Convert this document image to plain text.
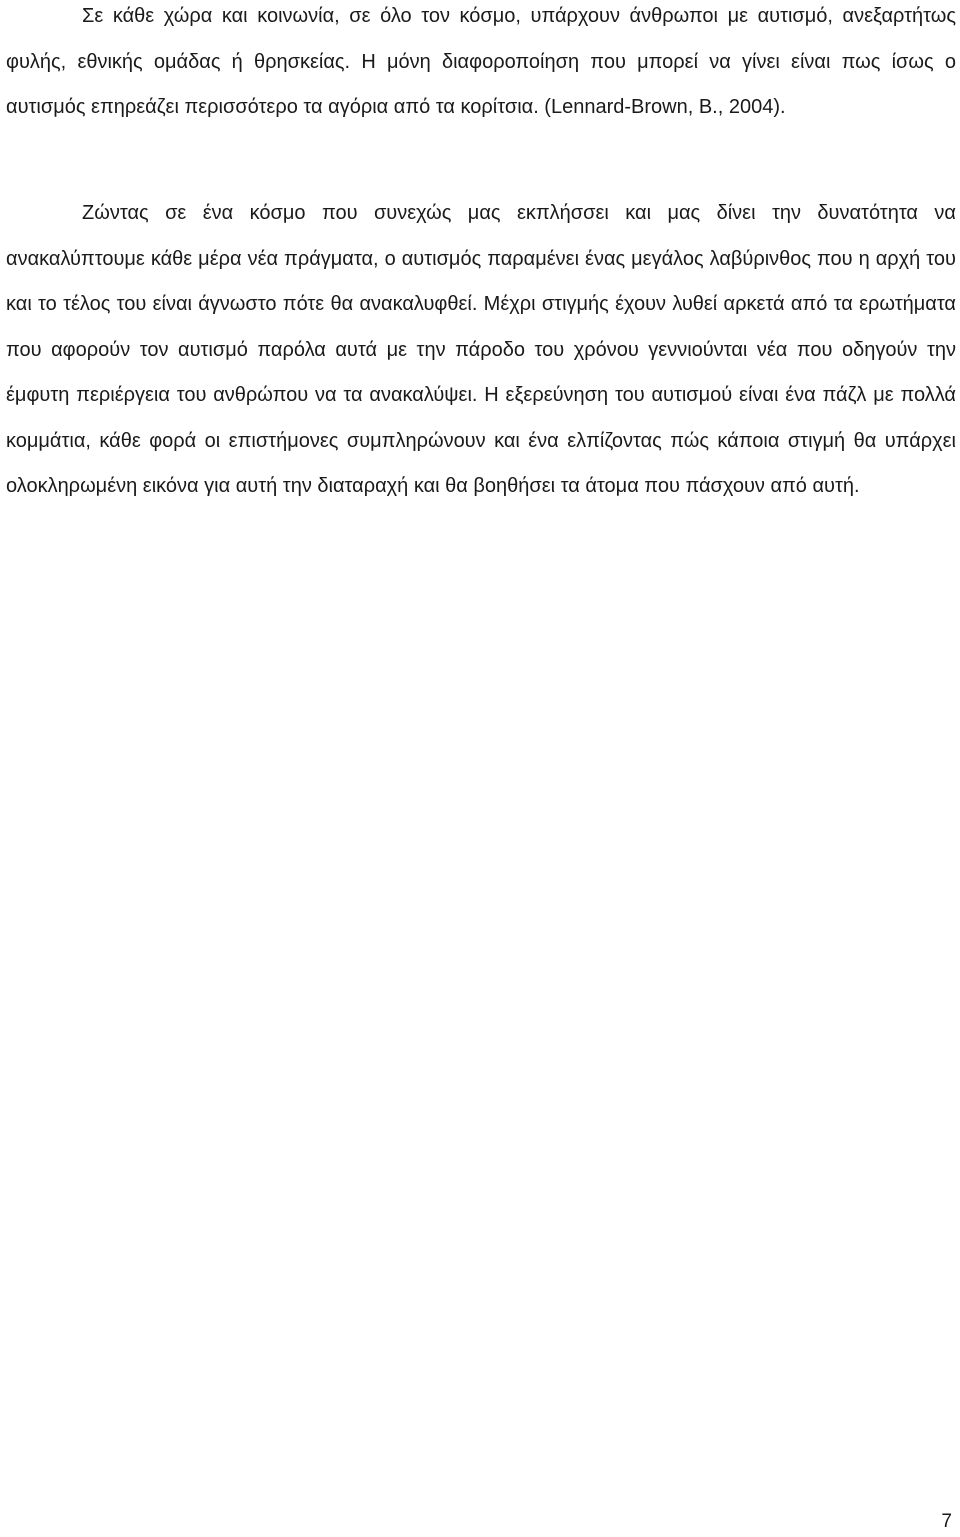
Σε κάθε χώρα και κοινωνία, σε όλο τον κόσμο, υπάρχουν άνθρωποι με αυτισμό, ανεξαρτήτως φυλής, εθνικής ομάδας ή θρησκείας. Η μόνη διαφοροποίηση που μπορεί να γίνει είναι πως ίσως ο αυτισμός επηρεάζει περισσότερο τα αγόρια από τα κορίτσια. (Lennard-Brown, B., 2004).

Ζώντας σε ένα κόσμο που συνεχώς μας εκπλήσσει και μας δίνει την δυνατότητα να ανακαλύπτουμε κάθε μέρα νέα πράγματα, ο αυτισμός παραμένει ένας μεγάλος λαβύρινθος που η αρχή του και το τέλος του είναι άγνωστο πότε θα ανακαλυφθεί. Μέχρι στιγμής έχουν λυθεί αρκετά από τα ερωτήματα που αφορούν τον αυτισμό παρόλα αυτά με την πάροδο του χρόνου γεννιούνται νέα που οδηγούν την έμφυτη περιέργεια του ανθρώπου να τα ανακαλύψει. Η εξερεύνηση του αυτισμού είναι ένα πάζλ με πολλά κομμάτια, κάθε φορά οι επιστήμονες συμπληρώνουν και ένα ελπίζοντας πώς κάποια στιγμή θα υπάρχει ολοκληρωμένη εικόνα για αυτή την διαταραχή και θα βοηθήσει τα άτομα που πάσχουν από αυτή.

7
